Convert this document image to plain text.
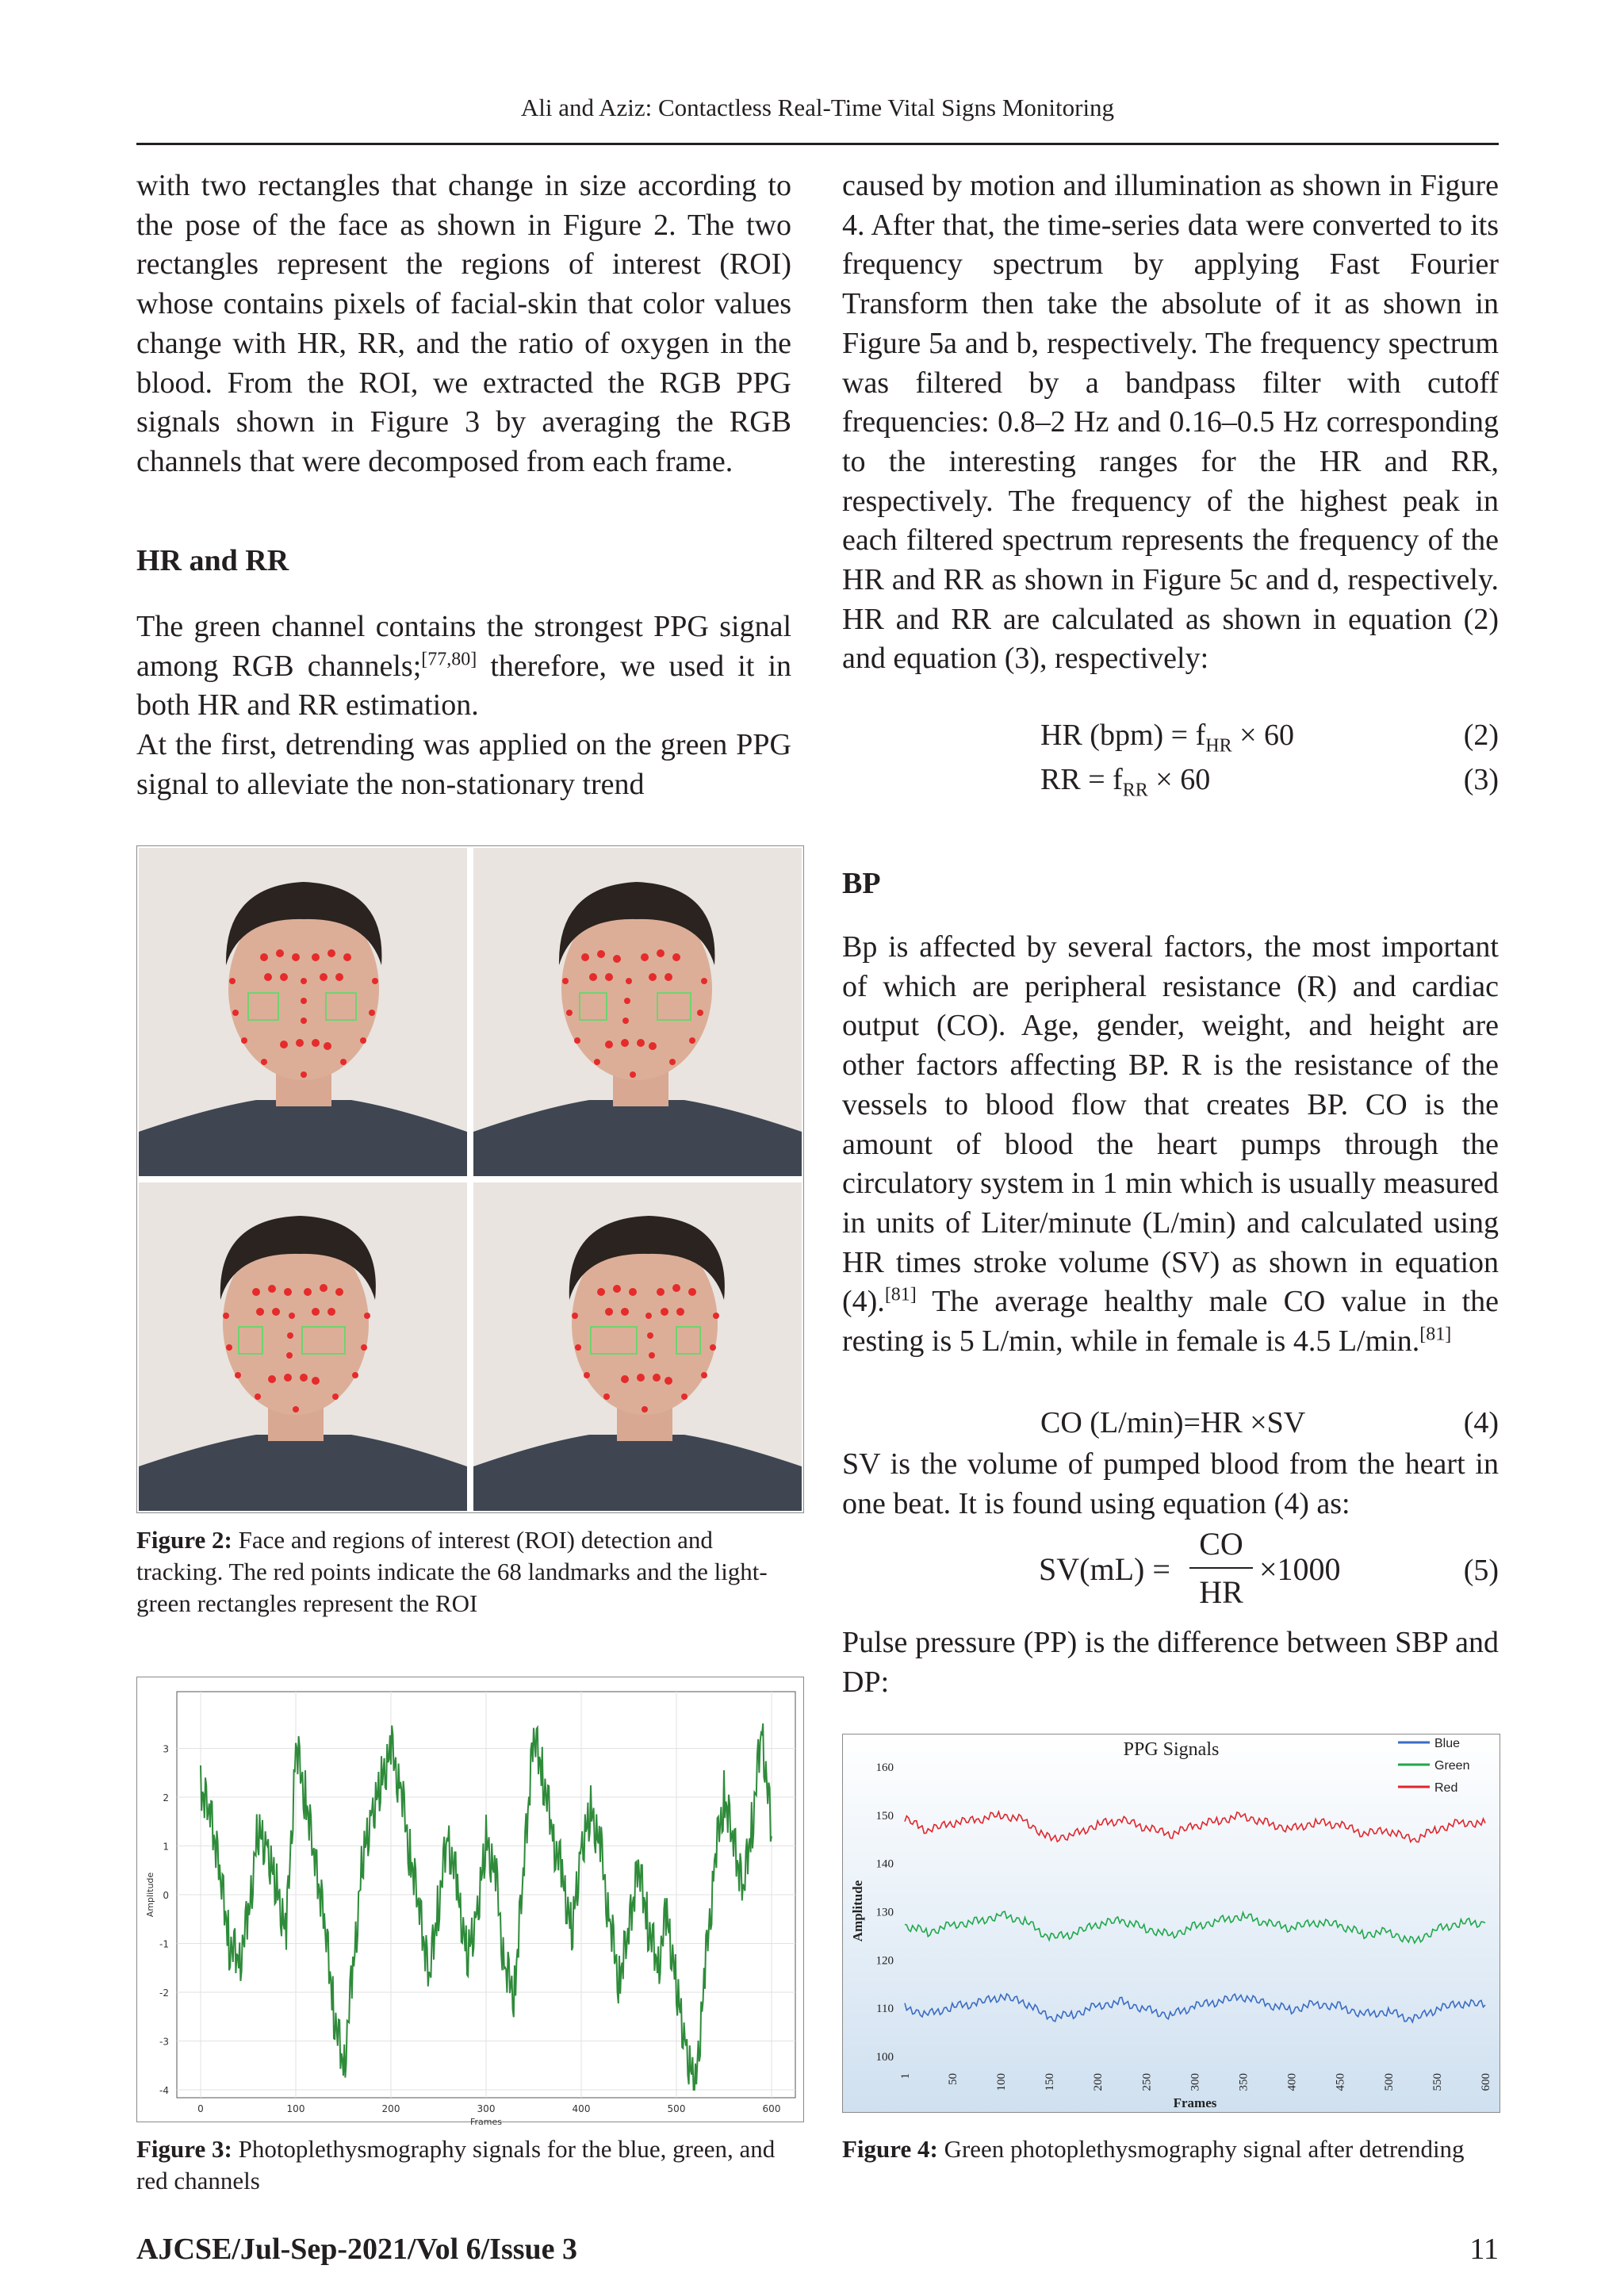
Ali and Aziz: Contactless Real-Time Vital Signs Monitoring

with two rectangles that change in size according to the pose of the face as shown in Figure 2. The two rectangles represent the regions of interest (ROI) whose contains pixels of facial-skin that color values change with HR, RR, and the ratio of oxygen in the blood. From the ROI, we extracted the RGB PPG signals shown in Figure 3 by averaging the RGB channels that were decomposed from each frame.

HR and RR

The green channel contains the strongest PPG signal among RGB channels;[77,80] therefore, we used it in both HR and RR estimation.

At the first, detrending was applied on the green PPG signal to alleviate the non-stationary trend

Figure 2: Face and regions of interest (ROI) detection and tracking. The red points indicate the 68 landmarks and the light-green rectangles represent the ROI
-4
-3
-2
-1
0
1
2
3
0	100	200	300	400	500	600
Frames
Amplitude
Figure 3: Photoplethysmography signals for the blue, green, and red channels

caused by motion and illumination as shown in Figure 4. After that, the time-series data were converted to its frequency spectrum by applying Fast Fourier Transform then take the absolute of it as shown in Figure 5a and b, respectively. The frequency spectrum was filtered by a bandpass filter with cutoff frequencies: 0.8–2 Hz and 0.16–0.5 Hz corresponding to the interesting ranges for the HR and RR, respectively. The frequency of the highest peak in each filtered spectrum represents the frequency of the HR and RR as shown in Figure 5c and d, respectively. HR and RR are calculated as shown in equation (2) and equation (3), respectively:

HR $(bpm) = f_{HR} \times 60$	(2)
RR = $f_{RR} \times 60$	(3)
BP

Bp is affected by several factors, the most important of which are peripheral resistance (R) and cardiac output (CO). Age, gender, weight, and height are other factors affecting BP. R is the resistance of the vessels to blood flow that creates BP. CO is the amount of blood the heart pumps through the circulatory system in 1 min which is usually measured in units of Liter/minute (L/min) and calculated using HR times stroke volume (SV) as shown in equation (4).[81] The average healthy male CO value in the resting is 5 L/min, while in female is 4.5 L/min.[81]

CO (L/min)=HR ×SV	(4)

SV is the volume of pumped blood from the heart in one beat. It is found using equation (4) as:

SV(mL) =
CO
HR
×1000	(5)

Pulse pressure (PP) is the difference between SBP and DP:

PPG Signals
100
110
120
130
140
150
160
1	50	100	150	200	250	300	350	400	450	500	550	600
Frames
Amplitude
Blue
Green
Red
Figure 4: Green photoplethysmography signal after detrending
AJCSE/Jul-Sep-2021/Vol 6/Issue 3	11
